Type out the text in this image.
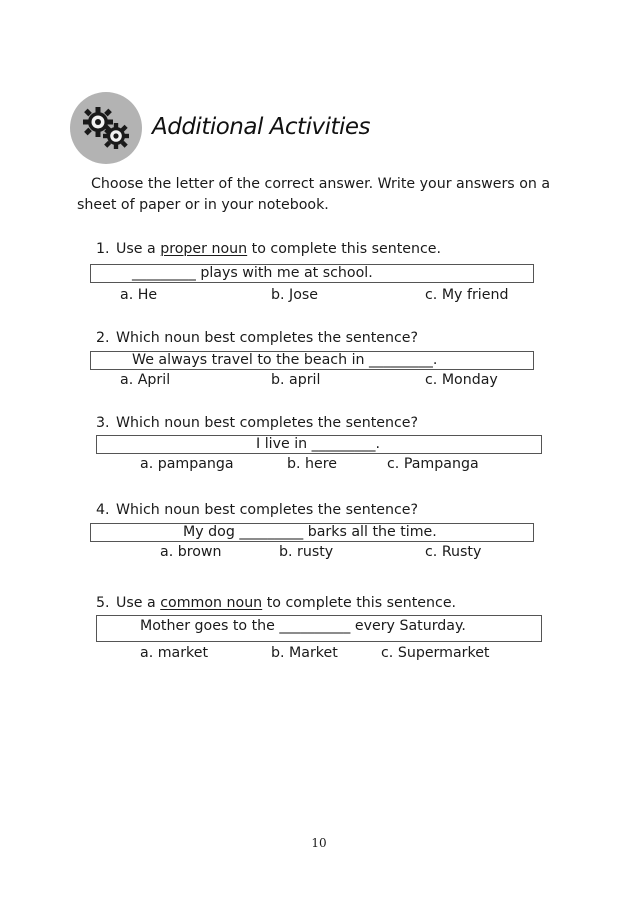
Additional Activities

Choose the letter of the correct answer. Write your answers on a sheet of paper or in your notebook.

1. Use a proper noun to complete this sentence.
_________ plays with me at school.
a. He	b. Jose	c. My friend
2. Which noun best completes the sentence?
We always travel to the beach in _________.
a. April	b. april	c. Monday
3. Which noun best completes the sentence?
I live in _________.
a. pampanga	b. here	c. Pampanga
4. Which noun best completes the sentence?
My dog _________ barks all the time.
a. brown	b. rusty	c. Rusty
5. Use a common noun to complete this sentence.
Mother goes to the __________ every Saturday.
a. market	b. Market	c. Supermarket
10
